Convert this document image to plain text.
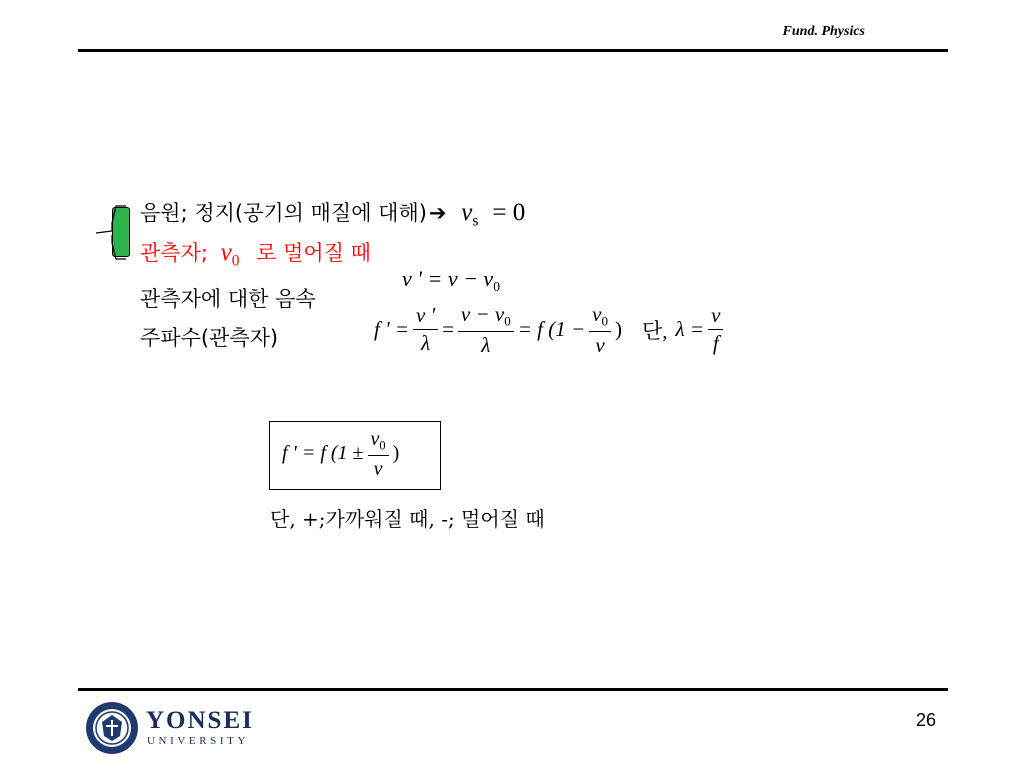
Fund. Physics
음원; 정지(공기의 매질에 대해)➔ $v_s = 0$
관측자; $v_0$ 로 멀어질 때
관측자에 대한 음속
v ' = $v - v_0$
주파수(관측자)	f ' = $\frac{v '}{\lambda} = \frac{v - v_0}{\lambda} = f$ ($1 - \frac{v_0}{v}$ ) 단, $\lambda = \frac{v}{f}$
f ' = f ($1 \pm \frac{v_0}{v}$ )
단, +;가까워질 때, -; 멀어질 때
YONSEI
UNIVERSITY
26
